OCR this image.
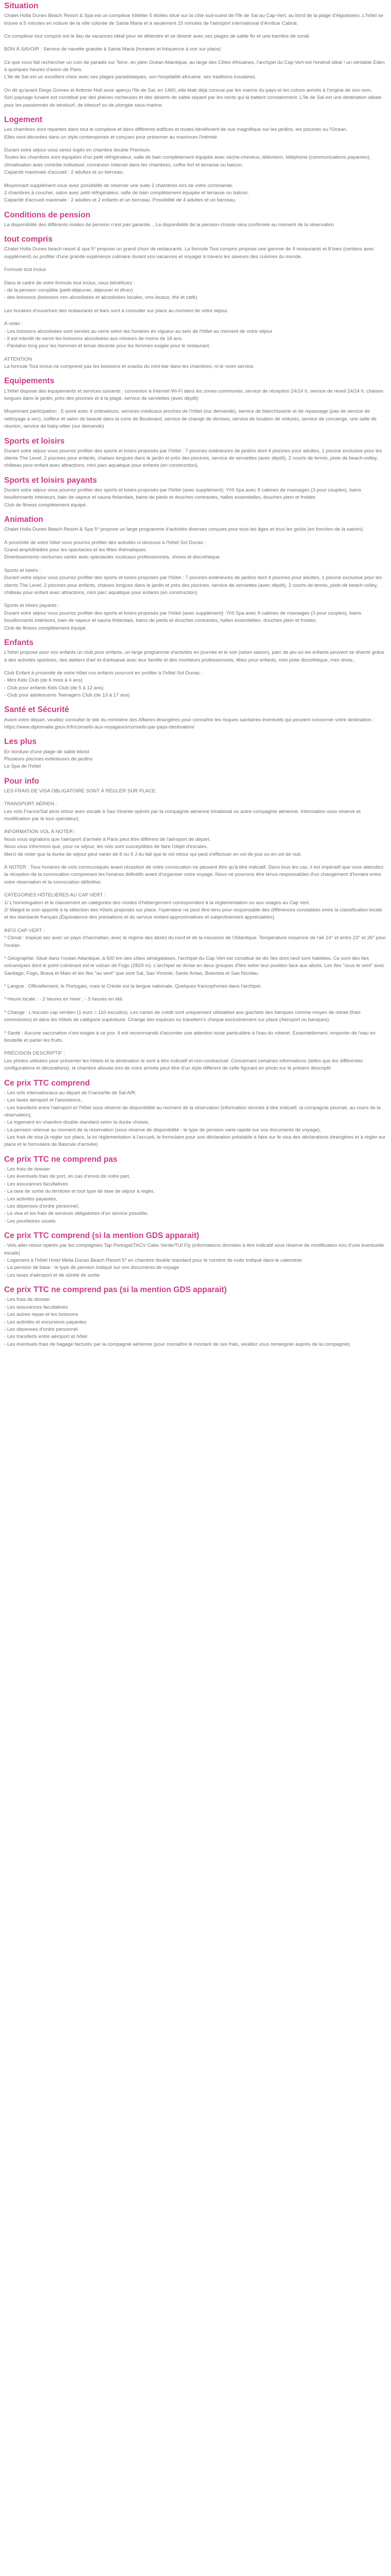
Situation

Chalet Holla Dunes Beach Resort & Spa est un complexe hôtelier 5 étoiles situé sur la côte sud-ouest de l'île de Sal au Cap-Vert, au bord de la plage d'Algodoeiro. L'hôtel se trouve à 5 minutes en voiture de la ville colorée de Santa Maria et à seulement 15 minutes de l'aéroport international d'Amilcar Cabral.

Ce complexe tout compris est le lieu de vacances idéal pour se détendre et se divertir avec ses plages de sable fin et une barrière de corail.

BON À SAVOIR : Service de navette gratuite à Santa Maria (horaires et fréquence à voir sur place)

Ce que vous fait rechercher un coin de paradis sur Terre, en plein Océan Atlantique, au large des Côtes Africaines, l'archipel du Cap-Vert est l'endroit idéal ! un véritable Eden à quelques heures d'avion de Paris.
L'île de Sal est un excellent choix avec ses plages paradisiaques, son hospitalité africaine, ses traditions insulaires.

On dit qu'avant Diego Gomes et Antonio Noli avoir aperçu l'île de Sal, en 1460, elle était déjà connue par les marins du pays et les colons arrivés à l'origine de son nom.
Son paysage lunaire est constitué par des plaines rocheuses et des déserts de sable séparé par les vents qui la battent constamment. L'île de Sal est une destination idéale pour les passionnés de windsurf, de kitesurf ou de plongée sous-marine.

Logement

Les chambres sont réparties dans tout le complexe et dans différents édifices et toutes bénéficient de vue magnifique sur les jardins, les piscines ou l'Océan.
Elles sont décorées dans un style contemporain et conçues pour préserver au maximum l'intimité.

Durant votre séjour vous serez logés en chambre double Premium.
Toutes les chambres sont équipées d'un petit réfrigérateur, salle de bain complètement équipée avec sèche-cheveux, télévision, téléphone (communications payantes), climatisation avec contrôle individuel, connexion Internet dans les chambres, coffre fort et terrasse ou balcon.
Capacité maximale d'accueil : 2 adultes et un berceau.

Moyennant supplément vous avez possibilité de réserver une suite 2 chambres lors de votre commande.
2 chambres à coucher, salon avec petit réfrigérateur, salle de bain complètement équipée et terrasse ou balcon.
Capacité d'accueil maximale : 2 adultes et 2 enfants et un berceau. Possibilité de 4 adultes et un berceau.

Conditions de pension

La disponibilité des différents modes de pension n'est pas garantie. , La disponibilité de la pension choisie sera confirmée au moment de la réservation

tout compris

Chalet Holla Dunes beach resort & spa 5* propose un grand choix de restaurants. La formule Tout compris propose une gamme de 4 restaurants et 8 bars (certains avec supplément) ou profiter d'une grande expérience culinaire durant vos vacances et voyager à travers les saveurs des cuisines du monde.

Formule tout inclus

Dans le cadre de votre formule tout inclus, vous bénéficiez :
- de la pension complète (petit-déjeuner, déjeuner et dîner)
- des boissons (boissons non alcoolisées et alcoolisées locales, vins locaux, thé et café)

Les horaires d'ouverture des restaurants et bars sont à consulter sur place au moment de votre séjour.

À noter :
- Les boissons alcoolisées sont servies au verre selon les horaires en vigueur au sein de l'hôtel au moment de votre séjour
- Il est interdit de servir les boissons alcoolisées aux mineurs de moins de 18 ans.
- Pantalon long pour les hommes et tenue décente pour les femmes exigée pour le restaurant.

ATTENTION
La formule Tout inclus ne comprend pas les boissons et snacks du mini-bar dans les chambres, ni le room service.

Equipements

L'hôtel dispose des équipements et services suivants : connexion à Internet Wi-Fi dans les zones communes, service de réception 24/24 h, service de réveil 24/24 h, chaises longues dans le jardin, prés des piscines et à la plage, service de serviettes (avec dépôt)

Moyennant participation : E-point avec 4 ordinateurs, services médicaux proches de l'hôtel (sur demande), service de blanchisserie et de repassage (pas de service de nettoyage à sec), coiffeur et salon de beauté dans la zone de Boulevard, service de change de devises, service de location de voitures, service de concierge, une salle de réunion, service de baby-sitter (sur demande)

Sports et loisirs

Durant votre séjour vous pourrez profiter des sports et loisirs proposés par l'hôtel : 7 piscines extérieures de jardins dont 4 piscines pour adultes, 1 piscine exclusive pour les clients The Level, 2 piscines pour enfants, chaises longues dans le jardin et près des piscines, service de serviettes (avec dépôt), 2 courts de tennis, piste de beach-volley, château pour enfant avec attractions, mini parc aquatique pour enfants (en construction).

Sports et loisirs payants

Durant votre séjour vous pourrez profiter des sports et loisirs proposés par l'hôtel (avec supplément): YHI Spa avec 9 cabines de massages (3 pour couples), bains bouillonnants intérieurs, bain de vapeur et sauna finlandais, bains de pieds et douches contrastes, halles essentielles, douches plein et froides
Club de fitness complètement équipé.

Animation

Chalet Holla Dunes Beach Resort & Spa 5* propose un large programme d'activités diverses conçues pour tous les âges et tous les goûts (en fonction de la saison).

À proximité de votre hôtel vous pourrez profiter des activités ci-dessous à l'hôtel Sol Dunas :
Grand amphithéâtre pour les spectacles et les fêtes thématiques.
Divertissements nocturnes variés avec spectacles musicaux professionnels, shows et discothèque.

Sports et loisirs :
Durant votre séjour vous pourrez profiter des sports et loisirs proposés par l'hôtel : 7 piscines extérieures de jardins dont 4 piscines pour adultes, 1 piscine exclusive pour les clients The Level, 2 piscines pour enfants, chaises longues dans le jardin et près des piscines, service de serviettes (avec dépôt), 2 courts de tennis, piste de beach-volley, château pour enfant avec attractions, mini parc aquatique pour enfants (en construction)

Sports et loisirs payants :
Durant votre séjour vous pourrez profiter des sports et loisirs proposés par l'hôtel (avec supplément): YHI Spa avec 9 cabines de massages (3 pour couples), bains bouillonnants intérieurs, bain de vapeur et sauna finlandais, bains de pieds et douches contrastes, halles essentielles, douches plein et froides.
Club de fitness complètement équipé.

Enfants

L'hôtel propose pour vos enfants un club pour enfants, un large programme d'activités en journée et le soir (selon saison), parc de jeu où les enfants peuvent se divertir grâce à des activités sportives, des ateliers d'art et d'artisanat avec leur famille et des moniteurs professionnels, fêtes pour enfants, mini piste discothèque, mini show...

Club Enfant à proximité de votre hôtel vos enfants pourront en profiter à l'hôtel Sol Dunas :
- Mini Kids Club (de 6 mois à 4 ans)
- Club pour enfants Kids Club (de 5 à 12 ans)
- Club pour adolescents Teenagers Club (de 13 à 17 ans)

Santé et Sécurité

Avant votre départ, veuillez consulter le site du ministère des Affaires étrangères pour connaître les risques sanitaires éventuels qui peuvent concerner votre destination : https://www.diplomatie.gouv.fr/fr/conseils-aux-voyageurs/conseils-par-pays-destination/

Les plus

En bordure d'une plage de sable blond
Plusieurs piscines extérieures de jardins
Le Spa de l'hôtel

Pour info

LES FRAIS DE VISA OBLIGATOIRE SONT À RÉGLER SUR PLACE.

TRANSPORT AÉRIEN :
Les vols France/Sal ainsi retour avec escale à Sao Vicente opérés par la compagnie aérienne binational ou autre compagnie aérienne. Information vous réserve et modification par le tour opérateur).

INFORMATION VOL À NOTER :
Nous vous signalons que l'aéroport d'arrivée à Paris peut être différent de l'aéroport de départ.
Nous vous informons que, pour ce séjour, les vols sont susceptibles de faire l'objet d'escales.
Merci de noter que la durée de séjour peut varier de 8 ou 9 J du fait que le vol retour qui peut s'effectuer en vol de jour ou en vol de nuit.

À NOTER : Tous horaires de vols communiqués avant réception de votre convocation ne peuvent être qu'à titre indicatif. Dans tous les cas, il est impératif que vous attendiez la réception de la convocation comprenant les horaires définitifs avant d'organiser votre voyage. Nous ne pourrons être tenus responsables d'un changement d'horaire entre votre réservation et la convocation définitive.

CATÉGORIES HÔTELIÈRES AU CAP VERT :
1/ L'homologation et le classement en catégories des modes d'hébergement correspondent à la réglementation ou aux usages au Cap Vert.
2/ Malgré le soin apporté à la sélection des hôtels proposés sur place, l'opérateur ne peut être tenu pour responsable des différences constatées entre la classification locale et les standards français (Équivalence des prestations et du service restant approximatives et subjectivement appréciables).

INFO CAP VERT :
* Climat : tropical sec avec un pays d'harmattan, avec le régime des alizés du nord et de la mousson de l'Atlantique. Température moyenne de l'air 24° et entre 23° et 26° pour l'océan.

* Géographie: Situé dans l'océan Atlantique, à 500 km des côtes sénégalaises, l'archipel du Cap Vert est constitué de dix îles dont neuf sont habitées. Ce sont des îles volcaniques dont le point culminant est le volcan de Fogo (2829 m). L'archipel se divise en deux groupes d'îles selon leur position face aux alizés. Les îles "sous le vent" avec Santiago, Fogo, Brava et Maio et les îles "au vent" que sont Sal, Sao Vicente, Santo Antao, Boavista et Sao Nicolau.

* Langue : Officiellement, le Portugais, mais le Créole est la langue nationale. Quelques francophones dans l'archipel.

* Heure locale : - 2 heures en hiver ; - 3 heures en été.

* Change : L'escudo cap verdien (1 euro = 110 escudos). Les cartes de crédit sont uniquement utilisables aux guichets des banques comme moyen de retrait (frais commission) et dans les hôtels de catégorie supérieure. Change des espèces ou travellers's cheque exclusivement sur place (Aéroport ou banques).

* Santé : Aucune vaccination n'est exigée à ce jour. Il est recommandé d'accorder une attention toute particulière à l'eau du robinet. Essentiellement, emporter de l'eau en bouteille et parler les fruits.

PRÉCISION DESCRIPTIF :
Les photos utilisées pour présenter les hôtels et la destination le sont à titre indicatif et non-contractuel. Concernant certaines informations (telles que les différentes configurations et décorations), la chambre allouée lors de votre arrivée peut être d'un style différent de celle figurant en photo sur le présent descriptif.

Ce prix TTC comprend

- Les vols internationaux au départ de France/Ile de Sal A/R,
- Les taxes aéroport et l'assistance,
- Les transferts entre l'aéroport et l'hôtel sous réserve de disponibilité au moment de la réservation (information donnée à titre indicatif, la compagnie pourrait, au cours de la réservation),
- Le logement en chambre double standard selon la durée choisie,
- La pension retenue au moment de la réservation (sous réserve de disponibilité - le type de pension varie rapide sur vos documents de voyage),
- Les frais de visa (à régler sur place, la loi réglementation à l'accueil, le formulaire pour une déclaration préalable à faire sur le visa des déclarations étrangères et à régler sur place et le formulaire de Bascule d'arrivée)

Ce prix TTC ne comprend pas

- Les frais de dossier
- Les éventuels frais de port, en cas d'envoi de notre part,
- Les assurances facultatives
- La taxe de sortie du territoire et tout type de taxe de séjour à régler,
- Les activités payantes,
- Les dépenses d'ordre personnel,
- Le visa et les frais de services obligatoires d'un service possible,
- Les pourboires usuels.

Ce prix TTC comprend (si la mention GDS apparait)

- Vols aller-retour opérés par les compagnies Tap Portugal/TACV Cabo Verde/TUI Fly (informations données à titre indicatif sous réserve de modification lors d'une éventuelle escale)
- Logement à l'hôtel Hotel Melia Dunas Beach Resort 5* en chambre double standard pour le nombre de nuits indiqué dans le calendrier
- La pension de base : le type de pension indiqué sur vos documents de voyage
- Les taxes d'aéroport et de sûreté de sortie

Ce prix TTC ne comprend pas (si la mention GDS apparait)

- Les frais de dossier
- Les assurances facultatives
- Les autres repas et les boissons
- Les activités et excursions payantes
- Les dépenses d'ordre personnel
- Les transferts entre aéroport et hôtel
- Les éventuels frais de bagage facturés par la compagnie aérienne (pour connaître le montant de ces frais, veuillez vous renseigner auprès de la compagnie)
